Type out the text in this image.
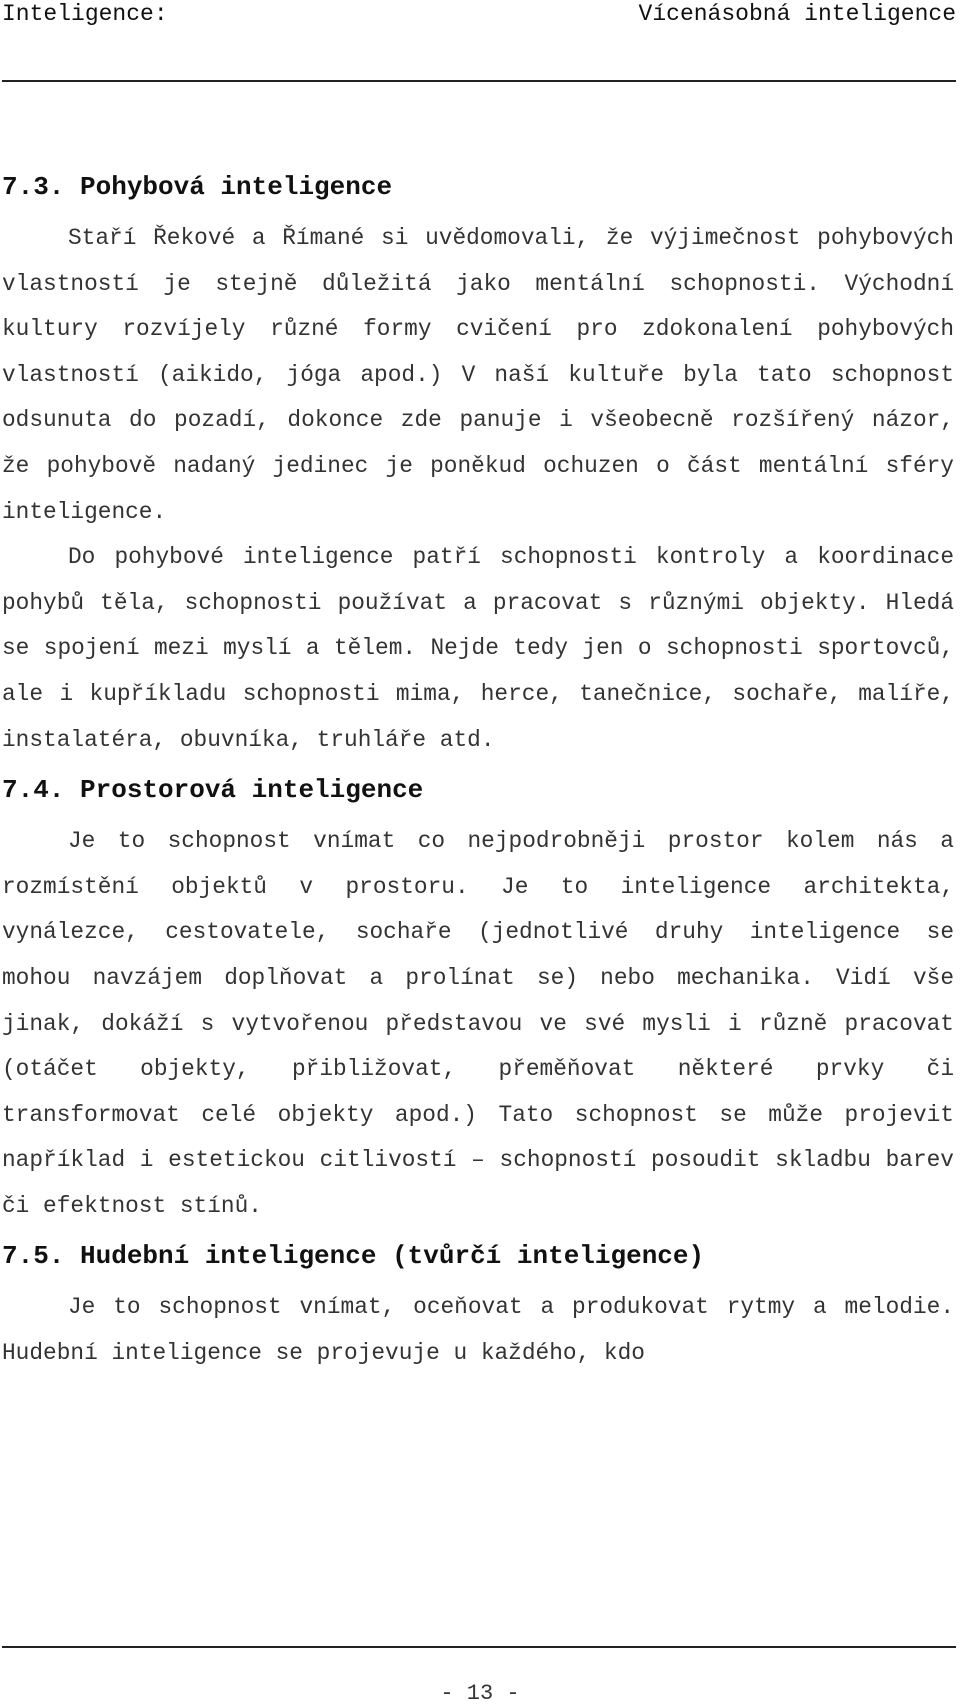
Inteligence:	Vícenásobná inteligence
7.3. Pohybová inteligence

Staří Řekové a Římané si uvědomovali, že výjimečnost pohybových vlastností je stejně důležitá jako mentální schopnosti. Východní kultury rozvíjely různé formy cvičení pro zdokonalení pohybových vlastností (aikido, jóga apod.) V naší kultuře byla tato schopnost odsunuta do pozadí, dokonce zde panuje i všeobecně rozšířený názor, že pohybově nadaný jedinec je poněkud ochuzen o část mentální sféry inteligence.

Do pohybové inteligence patří schopnosti kontroly a koordinace pohybů těla, schopnosti používat a pracovat s různými objekty. Hledá se spojení mezi myslí a tělem. Nejde tedy jen o schopnosti sportovců, ale i kupříkladu schopnosti mima, herce, tanečnice, sochaře, malíře, instalatéra, obuvníka, truhláře atd.

7.4. Prostorová inteligence

Je to schopnost vnímat co nejpodrobněji prostor kolem nás a rozmístění objektů v prostoru. Je to inteligence architekta, vynálezce, cestovatele, sochaře (jednotlivé druhy inteligence se mohou navzájem doplňovat a prolínat se) nebo mechanika. Vidí vše jinak, dokáží s vytvořenou představou ve své mysli i různě pracovat (otáčet objekty, přibližovat, přeměňovat některé prvky či transformovat celé objekty apod.) Tato schopnost se může projevit například i estetickou citlivostí – schopností posoudit skladbu barev či efektnost stínů.

7.5. Hudební inteligence (tvůrčí inteligence)

Je to schopnost vnímat, oceňovat a produkovat rytmy a melodie. Hudební inteligence se projevuje u každého, kdo

- 13 -
